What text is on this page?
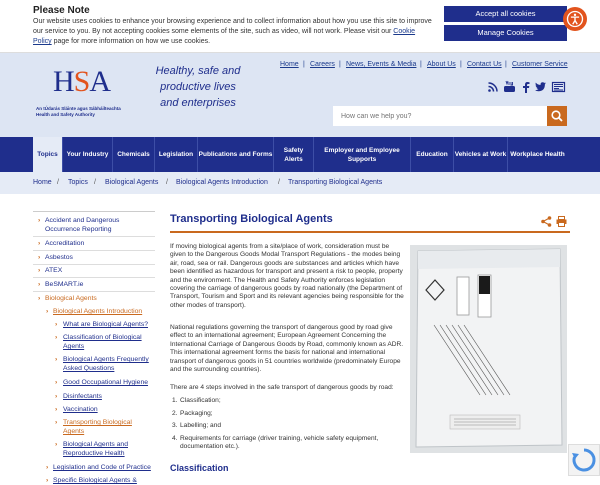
Please Note
Our website uses cookies to enhance your browsing experience and to collect information about how you use this site to improve our service to you. By not accepting cookies some elements of the site, such as video, will not work. Please visit our Cookie Policy page for more information on how we use cookies.
Accept all cookies
Manage Cookies
HSA
An tÚdarás Sláinte agus Sábháilteachta
Health and Safety Authority
Healthy, safe and productive lives and enterprises
Home | Careers | News, Events & Media | About Us | Contact Us | Customer Service
How can we help you?
Topics	Your Industry	Chemicals	Legislation Publications and Forms
Safety Alerts
Employer and Employee Supports
Education	Vehicles at Work Workplace Health
Home / Topics / Biological Agents / Biological Agents Introduction / Transporting Biological Agents
› Accident and Dangerous Occurrence Reporting
› Accreditation
› Asbestos
› ATEX
› BeSMART.ie
› Biological Agents
› Biological Agents Introduction
› What are Biological Agents?
› Classification of Biological Agents
› Biological Agents Frequently Asked Questions
› Good Occupational Hygiene
› Disinfectants
› Vaccination
› Transporting Biological Agents
› Biological Agents and Reproductive Health
› Legislation and Code of Practice
› Specific Biological Agents &
Transporting Biological Agents
If moving biological agents from a site/place of work, consideration must be given to the Dangerous Goods Modal Transport Regulations - the modes being air, road, sea or rail. Dangerous goods are substances and articles which have been identified as hazardous for transport and present a risk to people, property and the environment. The Health and Safety Authority enforces legislation covering the carriage of dangerous goods by road nationally (the Department of Transport, Tourism and Sport and its relevant agencies being responsible for the other modes of transport).
National regulations governing the transport of dangerous good by road give effect to an international agreement; European Agreement Concerning the International Carriage of Dangerous Goods by Road, commonly known as ADR. This international agreement forms the basis for national and international transport of dangerous goods in 51 countries worldwide (predominately Europe and the surrounding countries).
There are 4 steps involved in the safe transport of dangerous goods by road:
1. Classification;
2. Packaging;
3. Labelling; and
4. Requirements for carriage (driver training, vehicle safety equipment, documentation etc.).
Classification
